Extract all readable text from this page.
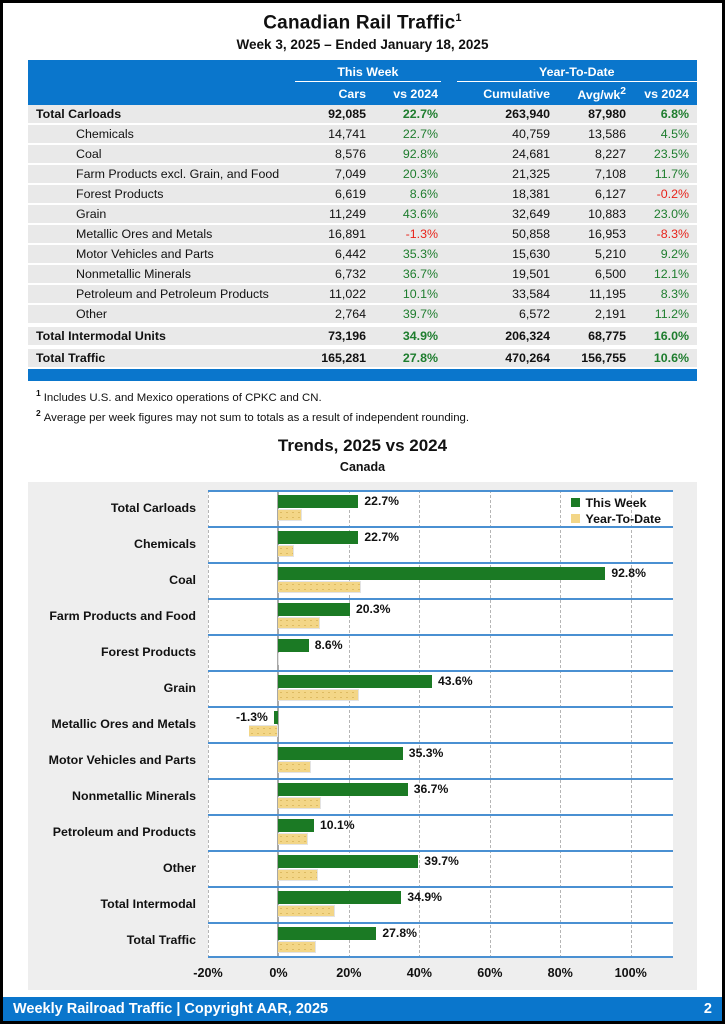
Canadian Rail Traffic$^1$
Week 3, 2025 – Ended January 18, 2025
This Week	Year-To-Date
Cars	vs 2024	Cumulative	Avg/$wk^2$	vs 2024
Total Carloads	92,085	22.7%	263,940	87,980	6.8%
Chemicals	14,741	22.7%	40,759	13,586	4.5%
Coal	8,576	92.8%	24,681	8,227	23.5%
Farm Products excl. Grain, and Food	7,049	20.3%	21,325	7,108	11.7%
Forest Products	6,619	8.6%	18,381	6,127	-0.2%
Grain	11,249	43.6%	32,649	10,883	23.0%
Metallic Ores and Metals	16,891	-1.3%	50,858	16,953	-8.3%
Motor Vehicles and Parts	6,442	35.3%	15,630	5,210	9.2%
Nonmetallic Minerals	6,732	36.7%	19,501	6,500	12.1%
Petroleum and Petroleum Products	11,022	10.1%	33,584	11,195	8.3%
Other	2,764	39.7%	6,572	2,191	11.2%
Total Intermodal Units	73,196	34.9%	206,324	68,775	16.0%
Total Traffic	165,281	27.8%	470,264	156,755	10.6%
$^1$ Includes U.S. and Mexico operations of CPKC and CN.
$^2$ Average per week figures may not sum to totals as a result of independent rounding.
Trends, 2025 vs 2024
Canada
Total Carloads
Chemicals
Coal
Farm Products and Food
Forest Products
Grain
Metallic Ores and Metals
Motor Vehicles and Parts
Nonmetallic Minerals
Petroleum and Products
Other
Total Intermodal
Total Traffic
22.7%
22.7%
92.8%
20.3%
8.6%
43.6%
-1.3%
35.3%
36.7%
10.1%
39.7%
34.9%
27.8%
This Week
Year-To-Date
-20%	0%	20%	40%	60%	80%	100%
Weekly Railroad Traffic | Copyright AAR, 2025	2
